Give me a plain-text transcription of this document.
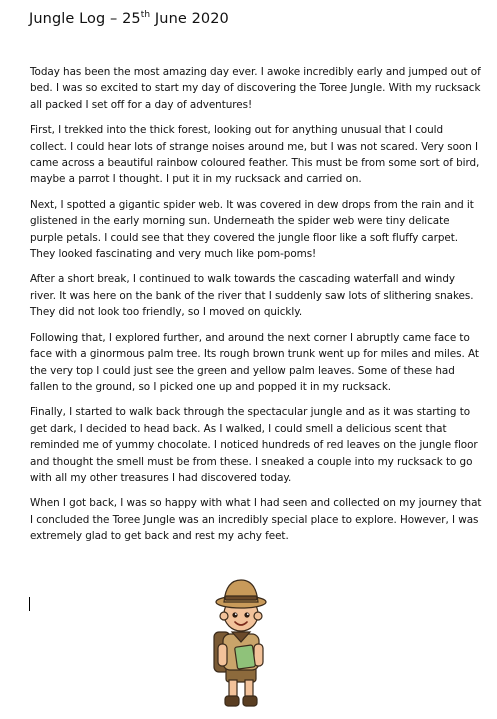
Jungle Log – 25th June 2020

Today has been the most amazing day ever. I awoke incredibly early and jumped out of bed. I was so excited to start my day of discovering the Toree Jungle. With my rucksack all packed I set off for a day of adventures!

First, I trekked into the thick forest, looking out for anything unusual that I could collect. I could hear lots of strange noises around me, but I was not scared. Very soon I came across a beautiful rainbow coloured feather. This must be from some sort of bird, maybe a parrot I thought. I put it in my rucksack and carried on.

Next, I spotted a gigantic spider web. It was covered in dew drops from the rain and it glistened in the early morning sun. Underneath the spider web were tiny delicate purple petals. I could see that they covered the jungle floor like a soft fluffy carpet. They looked fascinating and very much like pom-poms!

After a short break, I continued to walk towards the cascading waterfall and windy river. It was here on the bank of the river that I suddenly saw lots of slithering snakes. They did not look too friendly, so I moved on quickly.

Following that, I explored further, and around the next corner I abruptly came face to face with a ginormous palm tree. Its rough brown trunk went up for miles and miles. At the very top I could just see the green and yellow palm leaves. Some of these had fallen to the ground, so I picked one up and popped it in my rucksack.

Finally, I started to walk back through the spectacular jungle and as it was starting to get dark, I decided to head back. As I walked, I could smell a delicious scent that reminded me of yummy chocolate. I noticed hundreds of red leaves on the jungle floor and thought the smell must be from these. I sneaked a couple into my rucksack to go with all my other treasures I had discovered today.

When I got back, I was so happy with what I had seen and collected on my journey that I concluded the Toree Jungle was an incredibly special place to explore. However, I was extremely glad to get back and rest my achy feet.
